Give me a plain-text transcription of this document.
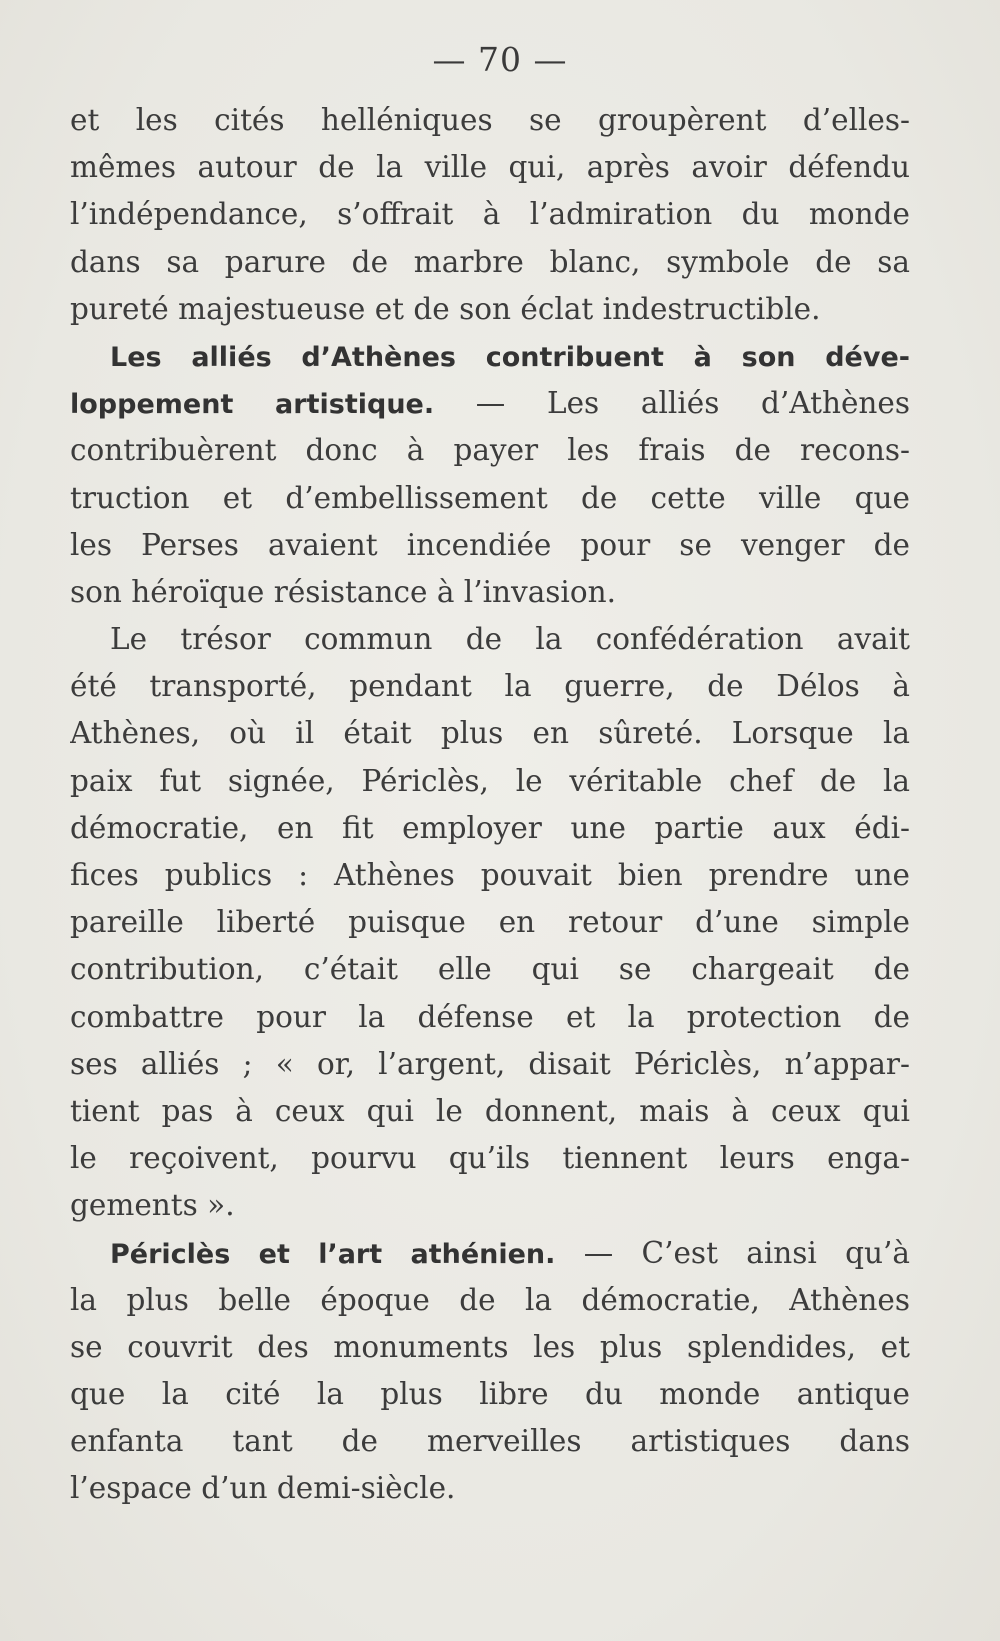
— 70 —
et les cités helléniques se groupèrent d’elles-
mêmes autour de la ville qui, après avoir défendu
l’indépendance, s’offrait à l’admiration du monde
dans sa parure de marbre blanc, symbole de sa
pureté majestueuse et de son éclat indestructible.
Les alliés d’Athènes contribuent à son déve-
loppement artistique. — Les alliés d’Athènes
contribuèrent donc à payer les frais de recons-
truction et d’embellissement de cette ville que
les Perses avaient incendiée pour se venger de
son héroïque résistance à l’invasion.
Le trésor commun de la confédération avait
été transporté, pendant la guerre, de Délos à
Athènes, où il était plus en sûreté. Lorsque la
paix fut signée, Périclès, le véritable chef de la
démocratie, en fit employer une partie aux édi-
fices publics : Athènes pouvait bien prendre une
pareille liberté puisque en retour d’une simple
contribution, c’était elle qui se chargeait de
combattre pour la défense et la protection de
ses alliés ; « or, l’argent, disait Périclès, n’appar-
tient pas à ceux qui le donnent, mais à ceux qui
le reçoivent, pourvu qu’ils tiennent leurs enga-
gements ».
Périclès et l’art athénien. — C’est ainsi qu’à
la plus belle époque de la démocratie, Athènes
se couvrit des monuments les plus splendides, et
que la cité la plus libre du monde antique
enfanta tant de merveilles artistiques dans
l’espace d’un demi-siècle.
